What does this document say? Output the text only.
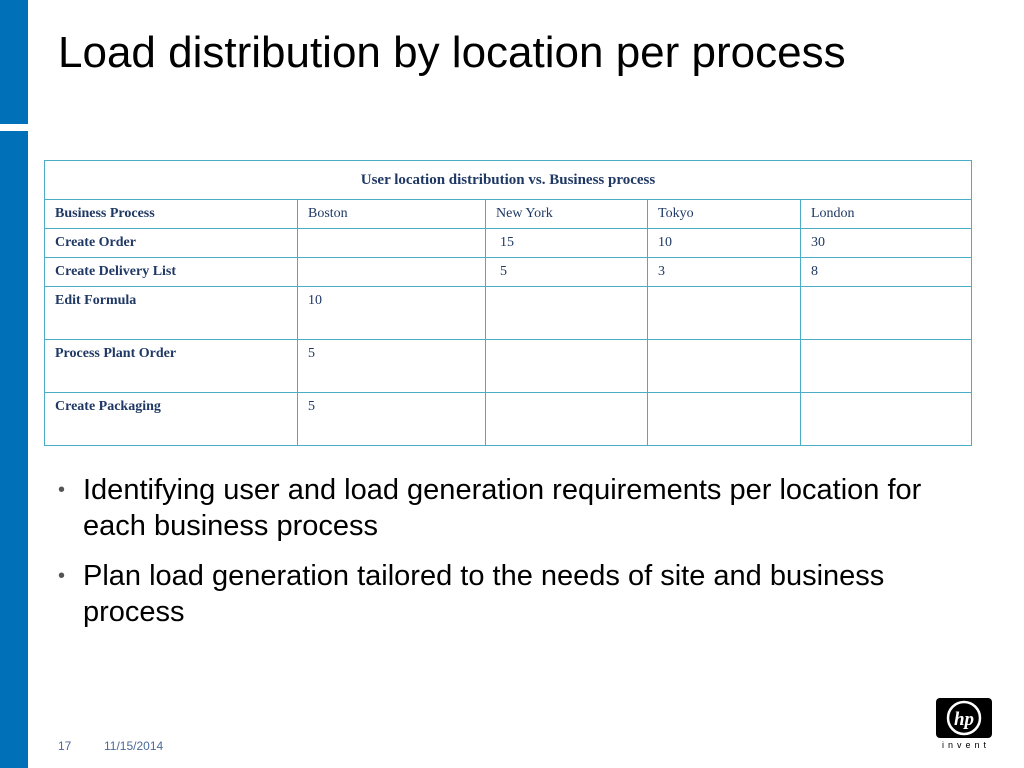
Load distribution by location per process
User location distribution vs. Business process				
Business Process	Boston	New York	Tokyo	London
Create Order		15	10	30
Create Delivery List		5	3	8
Edit Formula	10			
Process Plant Order	5			
Create Packaging	5			
• Identifying user and load generation requirements per location for each business process
• Plan load generation tailored to the needs of site and business process
17	11/15/2014
hp
invent
